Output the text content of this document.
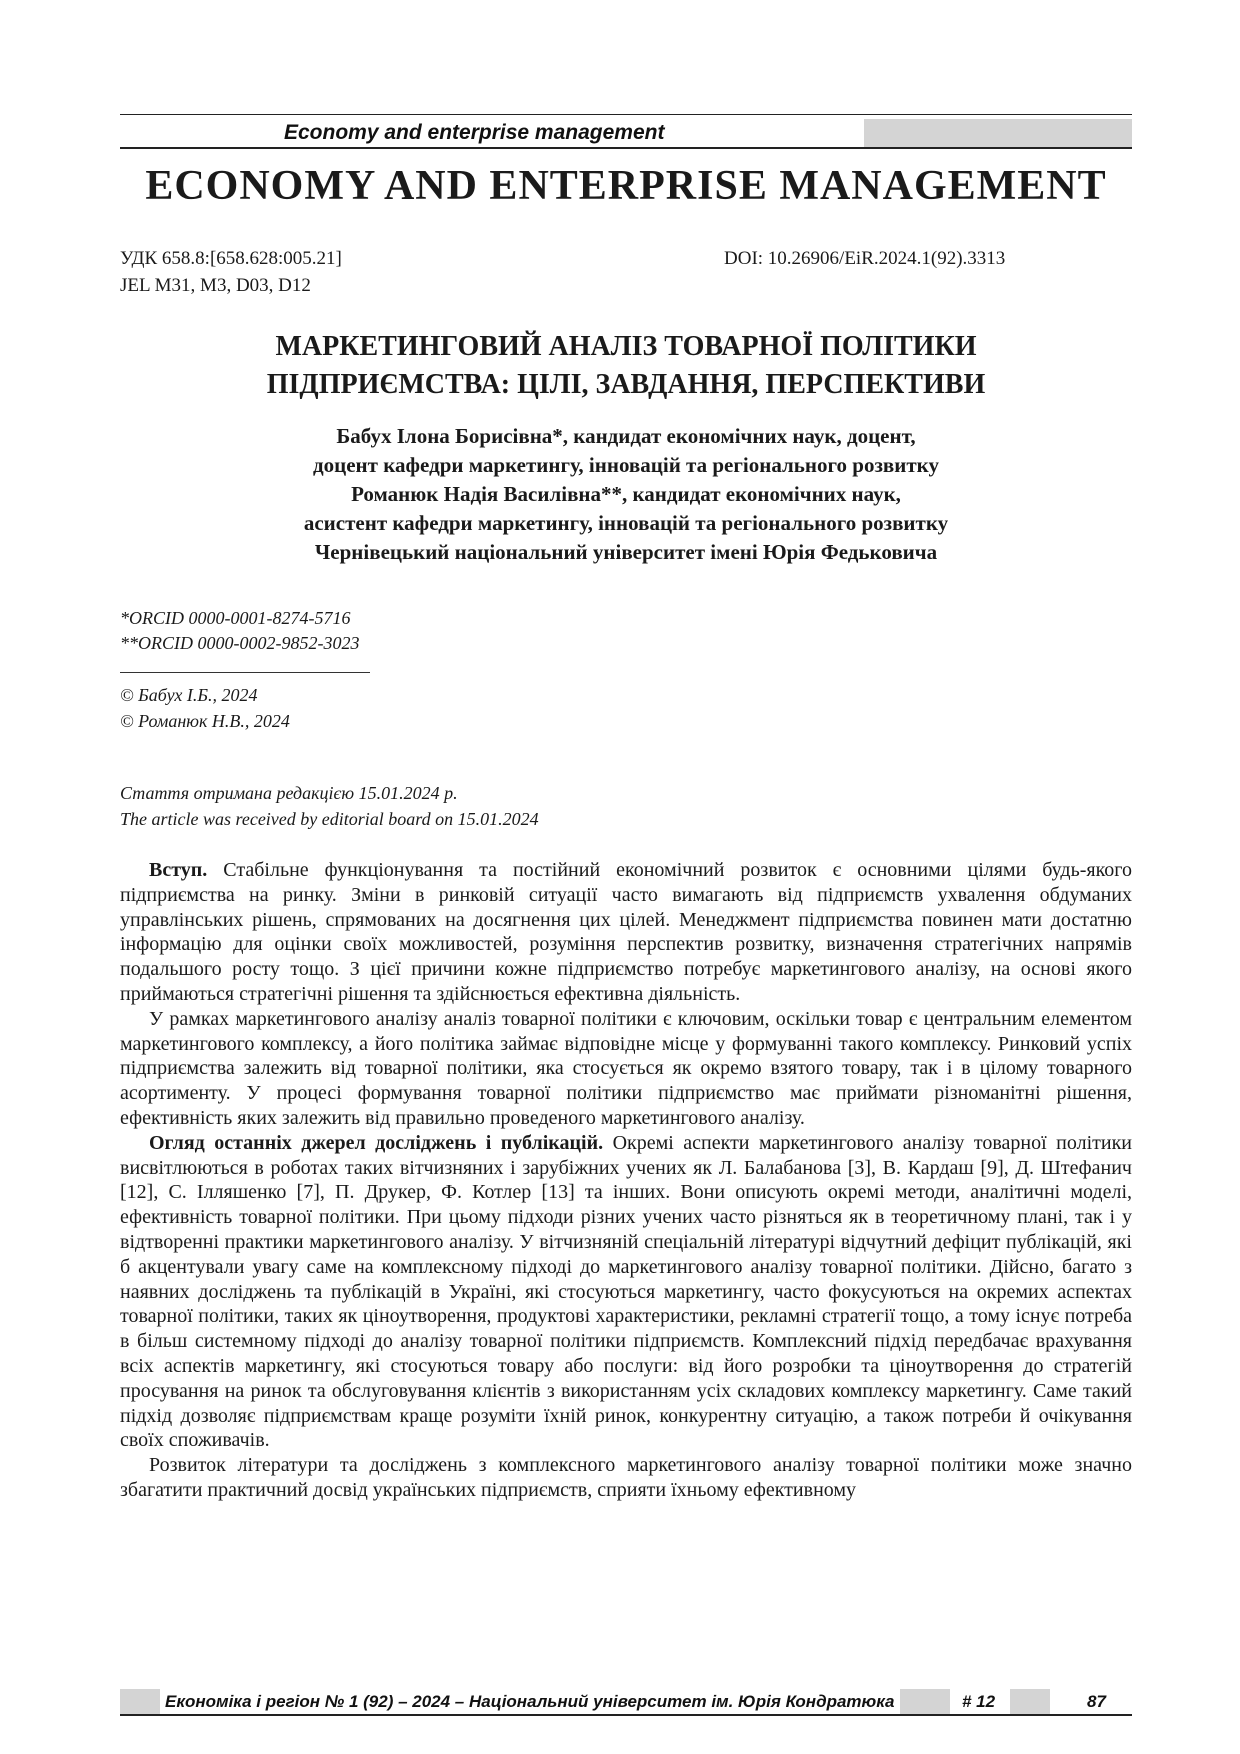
Economy and enterprise management
ECONOMY AND ENTERPRISE MANAGEMENT
УДК 658.8:[658.628:005.21]	DOI: 10.26906/EiR.2024.1(92).3313
JEL M31, M3, D03, D12
МАРКЕТИНГОВИЙ АНАЛІЗ ТОВАРНОЇ ПОЛІТИКИ
ПІДПРИЄМСТВА: ЦІЛІ, ЗАВДАННЯ, ПЕРСПЕКТИВИ
Бабух Ілона Борисівна*, кандидат економічних наук, доцент,
доцент кафедри маркетингу, інновацій та регіонального розвитку
Романюк Надія Василівна**, кандидат економічних наук,
асистент кафедри маркетингу, інновацій та регіонального розвитку
Чернівецький національний університет імені Юрія Федьковича
*ORCID 0000-0001-8274-5716
**ORCID 0000-0002-9852-3023
© Бабух І.Б., 2024
© Романюк Н.В., 2024
Стаття отримана редакцією 15.01.2024 р.
The article was received by editorial board on 15.01.2024

Вступ. Стабільне функціонування та постійний економічний розвиток є основними цілями будь-якого підприємства на ринку. Зміни в ринковій ситуації часто вимагають від підприємств ухвалення обдуманих управлінських рішень, спрямованих на досягнення цих цілей. Менеджмент підприємства повинен мати достатню інформацію для оцінки своїх можливостей, розуміння перспектив розвитку, визначення стратегічних напрямів подальшого росту тощо. З цієї причини кожне підприємство потребує маркетингового аналізу, на основі якого приймаються стратегічні рішення та здійснюється ефективна діяльність.

У рамках маркетингового аналізу аналіз товарної політики є ключовим, оскільки товар є центральним елементом маркетингового комплексу, а його політика займає відповідне місце у формуванні такого комплексу. Ринковий успіх підприємства залежить від товарної політики, яка стосується як окремо взятого товару, так і в цілому товарного асортименту. У процесі формування товарної політики підприємство має приймати різноманітні рішення, ефективність яких залежить від правильно проведеного маркетингового аналізу.

Огляд останніх джерел досліджень і публікацій. Окремі аспекти маркетингового аналізу товарної політики висвітлюються в роботах таких вітчизняних і зарубіжних учених як Л. Балабанова [3], В. Кардаш [9], Д. Штефанич [12], С. Ілляшенко [7], П. Друкер, Ф. Котлер [13] та інших. Вони описують окремі методи, аналітичні моделі, ефективність товарної політики. При цьому підходи різних учених часто різняться як в теоретичному плані, так і у відтворенні практики маркетингового аналізу. У вітчизняній спеціальній літературі відчутний дефіцит публікацій, які б акцентували увагу саме на комплексному підході до маркетингового аналізу товарної політики. Дійсно, багато з наявних досліджень та публікацій в Україні, які стосуються маркетингу, часто фокусуються на окремих аспектах товарної політики, таких як ціноутворення, продуктові характеристики, рекламні стратегії тощо, а тому існує потреба в більш системному підході до аналізу товарної політики підприємств. Комплексний підхід передбачає врахування всіх аспектів маркетингу, які стосуються товару або послуги: від його розробки та ціноутворення до стратегій просування на ринок та обслуговування клієнтів з використанням усіх складових комплексу маркетингу. Саме такий підхід дозволяє підприємствам краще розуміти їхній ринок, конкурентну ситуацію, а також потреби й очікування своїх споживачів.

Розвиток літератури та досліджень з комплексного маркетингового аналізу товарної політики може значно збагатити практичний досвід українських підприємств, сприяти їхньому ефективному

Економіка і регіон № 1 (92) – 2024 – Національний університет ім. Юрія Кондратюка	# 12	87
